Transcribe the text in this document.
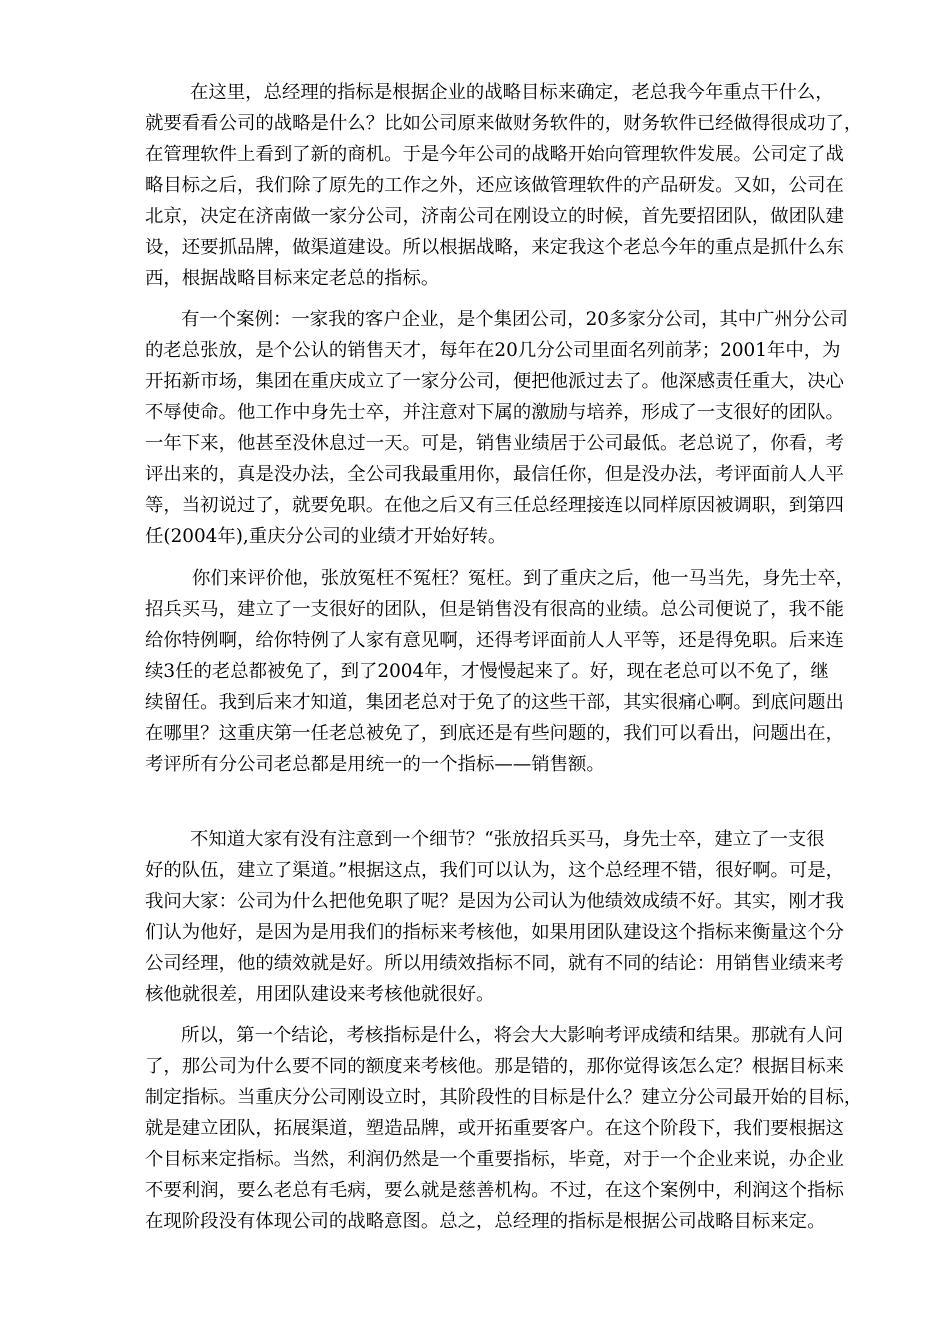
在这里，总经理的指标是根据企业的战略目标来确定，老总我今年重点干什么，
就要看看公司的战略是什么？比如公司原来做财务软件的，财务软件已经做得很成功了，
在管理软件上看到了新的商机。于是今年公司的战略开始向管理软件发展。公司定了战
略目标之后，我们除了原先的工作之外，还应该做管理软件的产品研发。又如，公司在
北京，决定在济南做一家分公司，济南公司在刚设立的时候，首先要招团队，做团队建
设，还要抓品牌，做渠道建设。所以根据战略，来定我这个老总今年的重点是抓什么东
西，根据战略目标来定老总的指标。

有一个案例：一家我的客户企业，是个集团公司，20多家分公司，其中广州分公司
的老总张放，是个公认的销售天才，每年在20几分公司里面名列前茅；2001年中，为
开拓新市场，集团在重庆成立了一家分公司，便把他派过去了。他深感责任重大，决心
不辱使命。他工作中身先士卒，并注意对下属的激励与培养，形成了一支很好的团队。
一年下来，他甚至没休息过一天。可是，销售业绩居于公司最低。老总说了，你看，考
评出来的，真是没办法，全公司我最重用你，最信任你，但是没办法，考评面前人人平
等，当初说过了，就要免职。在他之后又有三任总经理接连以同样原因被调职，到第四
任(2004年),重庆分公司的业绩才开始好转。

你们来评价他，张放冤枉不冤枉？冤枉。到了重庆之后，他一马当先，身先士卒，
招兵买马，建立了一支很好的团队，但是销售没有很高的业绩。总公司便说了，我不能
给你特例啊，给你特例了人家有意见啊，还得考评面前人人平等，还是得免职。后来连
续3任的老总都被免了，到了2004年，才慢慢起来了。好，现在老总可以不免了，继
续留任。我到后来才知道，集团老总对于免了的这些干部，其实很痛心啊。到底问题出
在哪里？这重庆第一任老总被免了，到底还是有些问题的，我们可以看出，问题出在，
考评所有分公司老总都是用统一的一个指标——销售额。

不知道大家有没有注意到一个细节？“张放招兵买马，身先士卒，建立了一支很
好的队伍，建立了渠道。”根据这点，我们可以认为，这个总经理不错，很好啊。可是，
我问大家：公司为什么把他免职了呢？是因为公司认为他绩效成绩不好。其实，刚才我
们认为他好，是因为是用我们的指标来考核他，如果用团队建设这个指标来衡量这个分
公司经理，他的绩效就是好。所以用绩效指标不同，就有不同的结论：用销售业绩来考
核他就很差，用团队建设来考核他就很好。

所以，第一个结论，考核指标是什么，将会大大影响考评成绩和结果。那就有人问
了，那公司为什么要不同的额度来考核他。那是错的，那你觉得该怎么定？根据目标来
制定指标。当重庆分公司刚设立时，其阶段性的目标是什么？建立分公司最开始的目标，
就是建立团队，拓展渠道，塑造品牌，或开拓重要客户。在这个阶段下，我们要根据这
个目标来定指标。当然，利润仍然是一个重要指标，毕竟，对于一个企业来说，办企业
不要利润，要么老总有毛病，要么就是慈善机构。不过，在这个案例中，利润这个指标
在现阶段没有体现公司的战略意图。总之，总经理的指标是根据公司战略目标来定。
